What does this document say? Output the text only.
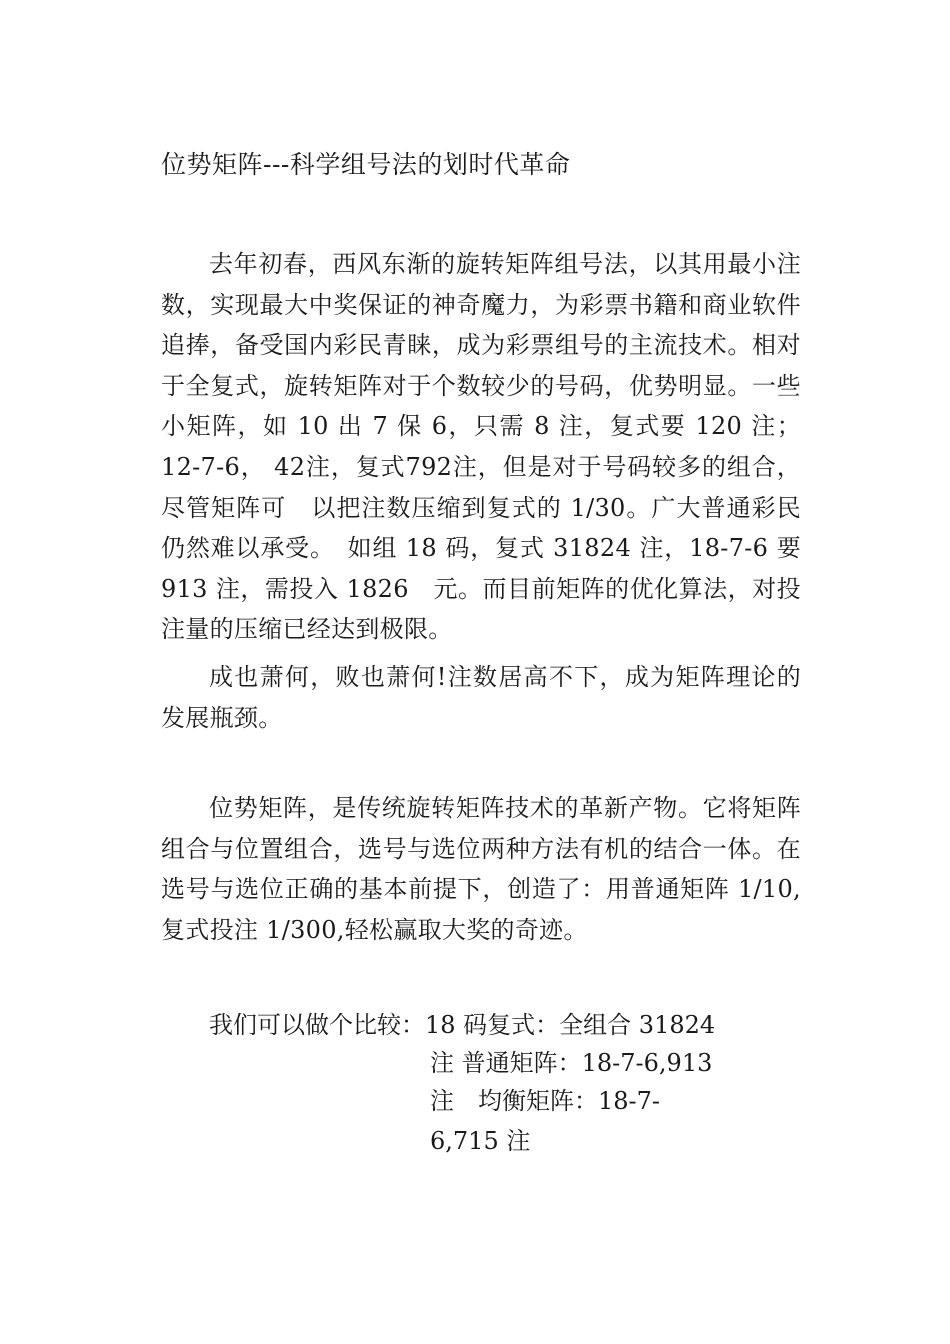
位势矩阵---科学组号法的划时代革命

去年初春，西风东渐的旋转矩阵组号法，以其用最小注数，实现最大中奖保证的神奇魔力，为彩票书籍和商业软件追捧，备受国内彩民青睐，成为彩票组号的主流技术。相对于全复式，旋转矩阵对于个数较少的号码，优势明显。一些小矩阵，如 10 出 7 保 6，只需 8 注，复式要 120 注； 12-7-6， 42注，复式792注，但是对于号码较多的组合，尽管矩阵可　以把注数压缩到复式的 1/30。广大普通彩民仍然难以承受。　如组 18 码，复式 31824 注，18-7-6 要 913 注，需投入 1826　元。而目前矩阵的优化算法，对投注量的压缩已经达到极限。

成也萧何，败也萧何!注数居高不下，成为矩阵理论的发展瓶颈。

位势矩阵，是传统旋转矩阵技术的革新产物。它将矩阵 组合与位置组合，选号与选位两种方法有机的结合一体。在 选号与选位正确的基本前提下，创造了：用普通矩阵 1/10, 复式投注 1/300,轻松赢取大奖的奇迹。

我们可以做个比较：18 码复式：全组合 31824
注 普通矩阵：18-7-6,913
注　均衡矩阵：18-7-
6,715 注
